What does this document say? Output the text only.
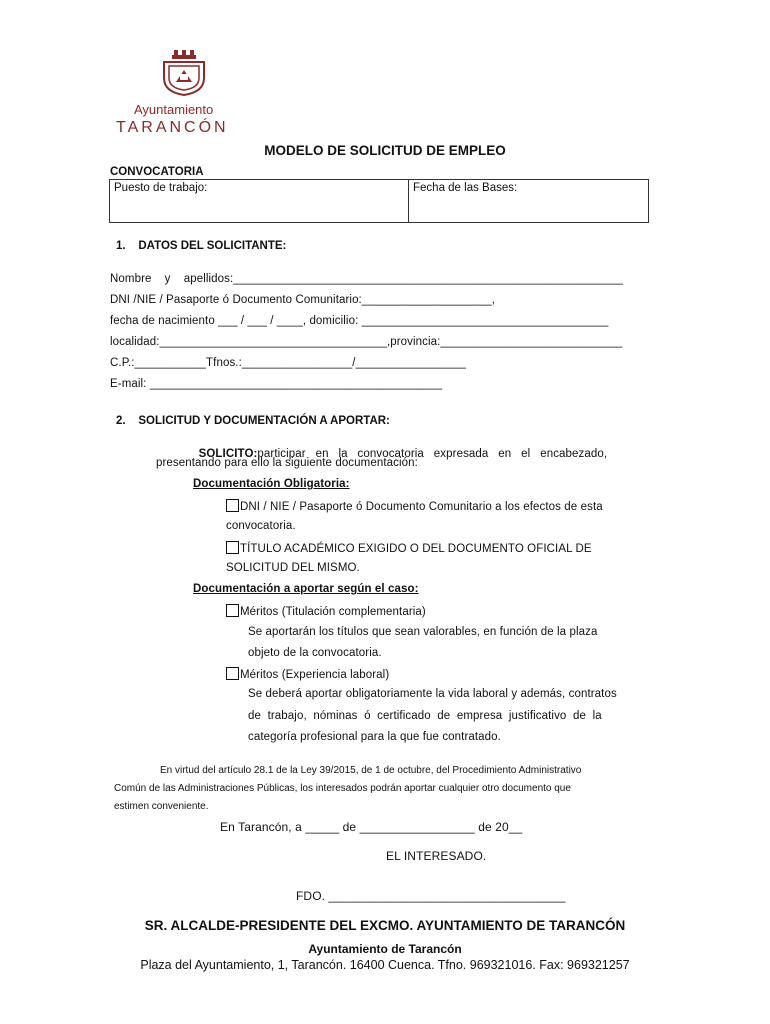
Ayuntamiento
TARANCÓN
MODELO DE SOLICITUD DE EMPLEO
CONVOCATORIA
Puesto de trabajo:	Fecha de las Bases:
1.    DATOS DEL SOLICITANTE:
Nombre    y    apellidos:____________________________________________________________
DNI /NIE / Pasaporte ó Documento Comunitario:____________________,
fecha de nacimiento ___ / ___ / ____, domicilio: ______________________________________
localidad:___________________________________,provincia:____________________________
C.P.:___________Tfnos.:_________________/_________________
E-mail: _____________________________________________
2.    SOLICITUD Y DOCUMENTACIÓN A APORTAR:

SOLICITO:participar   en   la   convocatoria   expresada   en   el   encabezado,

presentando para ello la siguiente documentación:
Documentación Obligatoria:
DNI / NIE / Pasaporte ó Documento Comunitario a los efectos de esta
convocatoria.
TÍTULO ACADÉMICO EXIGIDO O DEL DOCUMENTO OFICIAL DE
SOLICITUD DEL MISMO.
Documentación a aportar según el caso:
Méritos (Titulación complementaria)
Se aportarán los títulos que sean valorables, en función de la plaza
objeto de la convocatoria.
Méritos (Experiencia laboral)
Se deberá aportar obligatoriamente la vida laboral y además, contratos
de  trabajo,  nóminas  ó  certificado  de  empresa  justificativo  de  la
categoría profesional para la que fue contratado.
En virtud del artículo 28.1 de la Ley 39/2015, de 1 de octubre, del Procedimiento Administrativo
Común de las Administraciones Públicas, los interesados podrán aportar cualquier otro documento que
estimen conveniente.
En Tarancón, a _____ de _________________ de 20__
EL INTERESADO.
FDO. ___________________________________
SR. ALCALDE-PRESIDENTE DEL EXCMO. AYUNTAMIENTO DE TARANCÓN
Ayuntamiento de Tarancón
Plaza del Ayuntamiento, 1, Tarancón. 16400 Cuenca. Tfno. 969321016. Fax: 969321257
